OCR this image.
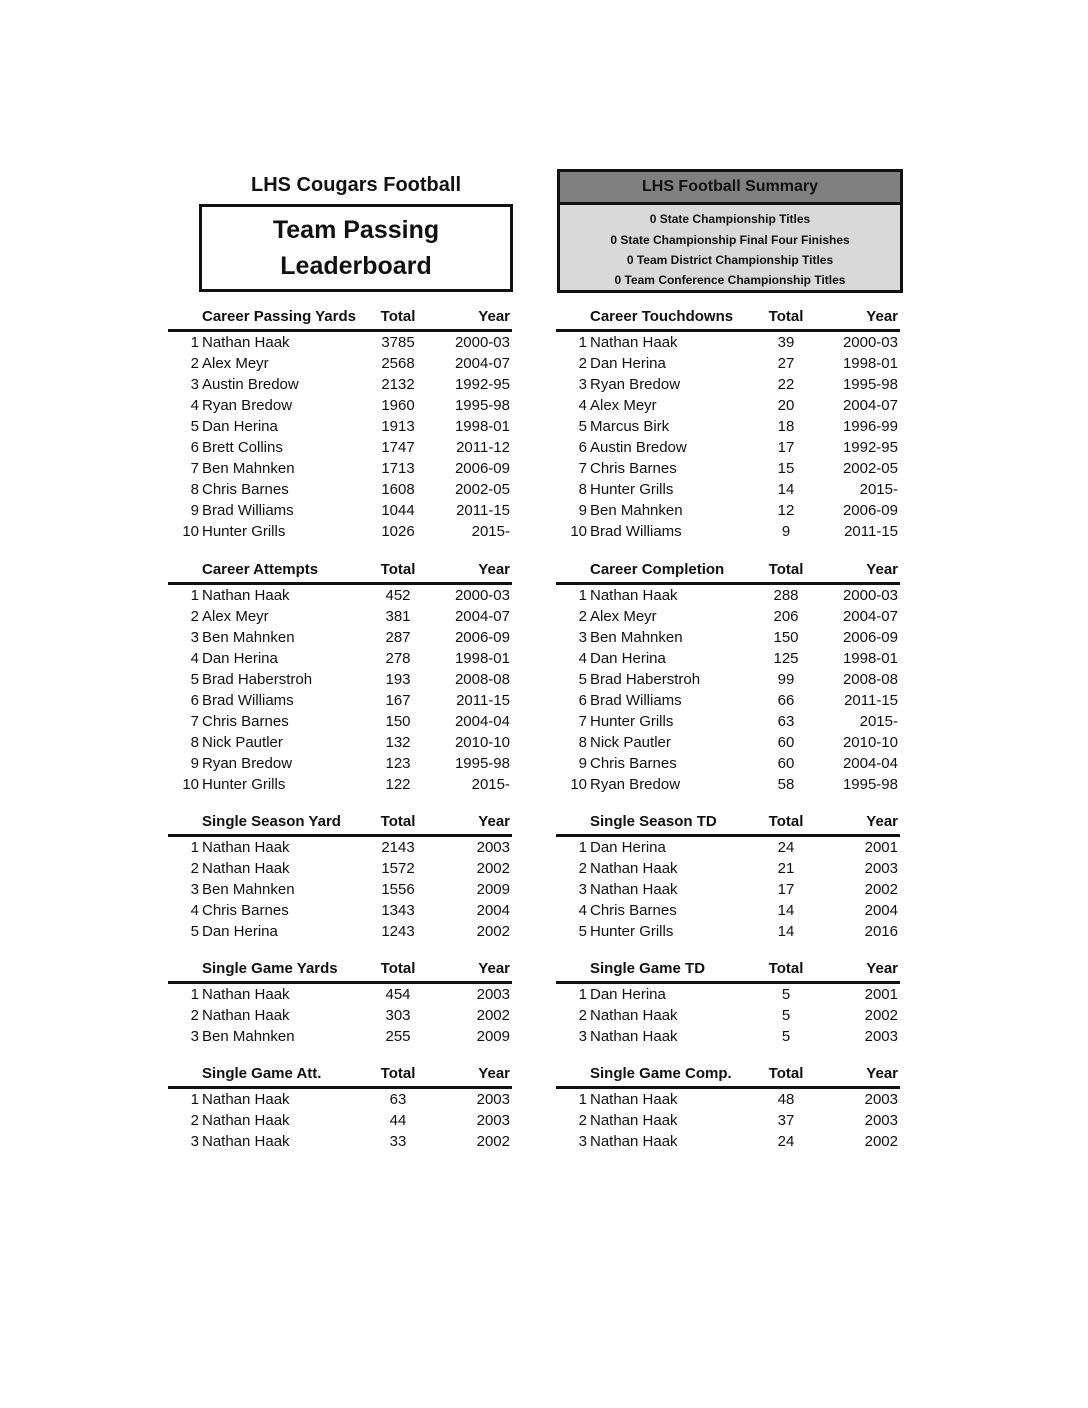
LHS Cougars Football
Team Passing
Leaderboard
LHS Football Summary
0 State Championship Titles
0 State Championship Final Four Finishes
0 Team District Championship Titles
0 Team Conference Championship Titles
Career Passing Yards	Total	Year
1 Nathan Haak	3785	2000-03
2 Alex Meyr	2568	2004-07
3 Austin Bredow	2132	1992-95
4 Ryan Bredow	1960	1995-98
5 Dan Herina	1913	1998-01
6 Brett Collins	1747	2011-12
7 Ben Mahnken	1713	2006-09
8 Chris Barnes	1608	2002-05
9 Brad Williams	1044	2011-15
10 Hunter Grills	1026	2015-
Career Touchdowns	Total	Year
1 Nathan Haak	39	2000-03
2 Dan Herina	27	1998-01
3 Ryan Bredow	22	1995-98
4 Alex Meyr	20	2004-07
5 Marcus Birk	18	1996-99
6 Austin Bredow	17	1992-95
7 Chris Barnes	15	2002-05
8 Hunter Grills	14	2015-
9 Ben Mahnken	12	2006-09
10 Brad Williams	9	2011-15
Career Attempts	Total	Year
1 Nathan Haak	452	2000-03
2 Alex Meyr	381	2004-07
3 Ben Mahnken	287	2006-09
4 Dan Herina	278	1998-01
5 Brad Haberstroh	193	2008-08
6 Brad Williams	167	2011-15
7 Chris Barnes	150	2004-04
8 Nick Pautler	132	2010-10
9 Ryan Bredow	123	1995-98
10 Hunter Grills	122	2015-
Career Completion	Total	Year
1 Nathan Haak	288	2000-03
2 Alex Meyr	206	2004-07
3 Ben Mahnken	150	2006-09
4 Dan Herina	125	1998-01
5 Brad Haberstroh	99	2008-08
6 Brad Williams	66	2011-15
7 Hunter Grills	63	2015-
8 Nick Pautler	60	2010-10
9 Chris Barnes	60	2004-04
10 Ryan Bredow	58	1995-98
Single Season Yard	Total	Year
1 Nathan Haak	2143	2003
2 Nathan Haak	1572	2002
3 Ben Mahnken	1556	2009
4 Chris Barnes	1343	2004
5 Dan Herina	1243	2002
Single Season TD	Total	Year
1 Dan Herina	24	2001
2 Nathan Haak	21	2003
3 Nathan Haak	17	2002
4 Chris Barnes	14	2004
5 Hunter Grills	14	2016
Single Game Yards	Total	Year
1 Nathan Haak	454	2003
2 Nathan Haak	303	2002
3 Ben Mahnken	255	2009
Single Game TD	Total	Year
1 Dan Herina	5	2001
2 Nathan Haak	5	2002
3 Nathan Haak	5	2003
Single Game Att.	Total	Year
1 Nathan Haak	63	2003
2 Nathan Haak	44	2003
3 Nathan Haak	33	2002
Single Game Comp.	Total	Year
1 Nathan Haak	48	2003
2 Nathan Haak	37	2003
3 Nathan Haak	24	2002
